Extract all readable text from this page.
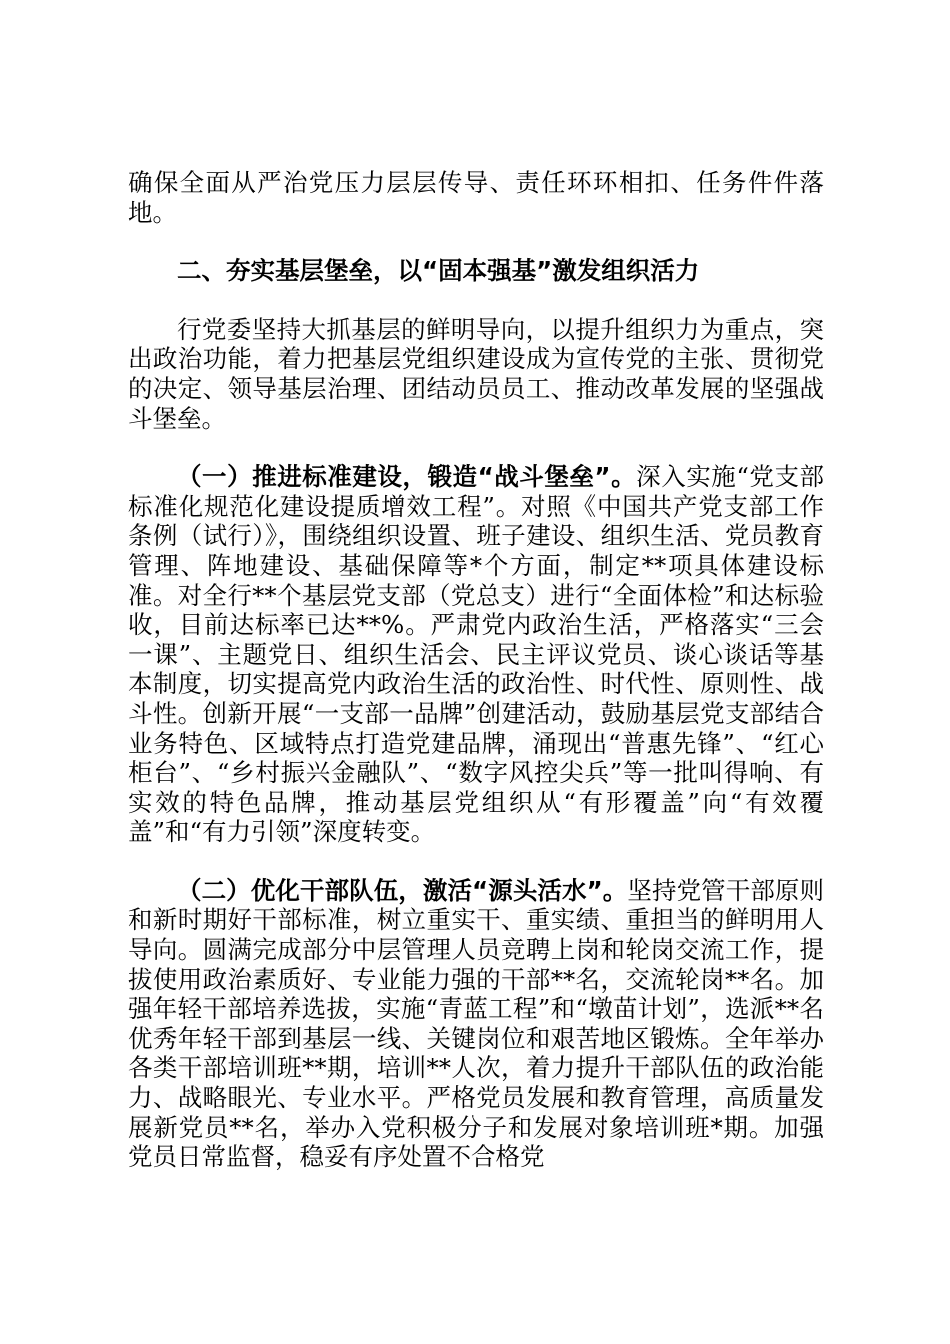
确保全面从严治党压力层层传导、责任环环相扣、任务件件落地。

二、夯实基层堡垒，以“固本强基”激发组织活力

行党委坚持大抓基层的鲜明导向，以提升组织力为重点，突出政治功能，着力把基层党组织建设成为宣传党的主张、贯彻党的决定、领导基层治理、团结动员员工、推动改革发展的坚强战斗堡垒。

（一）推进标准建设，锻造“战斗堡垒”。深入实施“党支部标准化规范化建设提质增效工程”。对照《中国共产党支部工作条例（试行）》，围绕组织设置、班子建设、组织生活、党员教育管理、阵地建设、基础保障等*个方面，制定**项具体建设标准。对全行**个基层党支部（党总支）进行“全面体检”和达标验收，目前达标率已达**%。严肃党内政治生活，严格落实“三会一课”、主题党日、组织生活会、民主评议党员、谈心谈话等基本制度，切实提高党内政治生活的政治性、时代性、原则性、战斗性。创新开展“一支部一品牌”创建活动，鼓励基层党支部结合业务特色、区域特点打造党建品牌，涌现出“普惠先锋”、“红心柜台”、“乡村振兴金融队”、“数字风控尖兵”等一批叫得响、有实效的特色品牌，推动基层党组织从“有形覆盖”向“有效覆盖”和“有力引领”深度转变。

（二）优化干部队伍，激活“源头活水”。坚持党管干部原则和新时期好干部标准，树立重实干、重实绩、重担当的鲜明用人导向。圆满完成部分中层管理人员竞聘上岗和轮岗交流工作，提拔使用政治素质好、专业能力强的干部**名，交流轮岗**名。加强年轻干部培养选拔，实施“青蓝工程”和“墩苗计划”，选派**名优秀年轻干部到基层一线、关键岗位和艰苦地区锻炼。全年举办各类干部培训班**期，培训**人次，着力提升干部队伍的政治能力、战略眼光、专业水平。严格党员发展和教育管理，高质量发展新党员**名，举办入党积极分子和发展对象培训班*期。加强党员日常监督，稳妥有序处置不合格党
